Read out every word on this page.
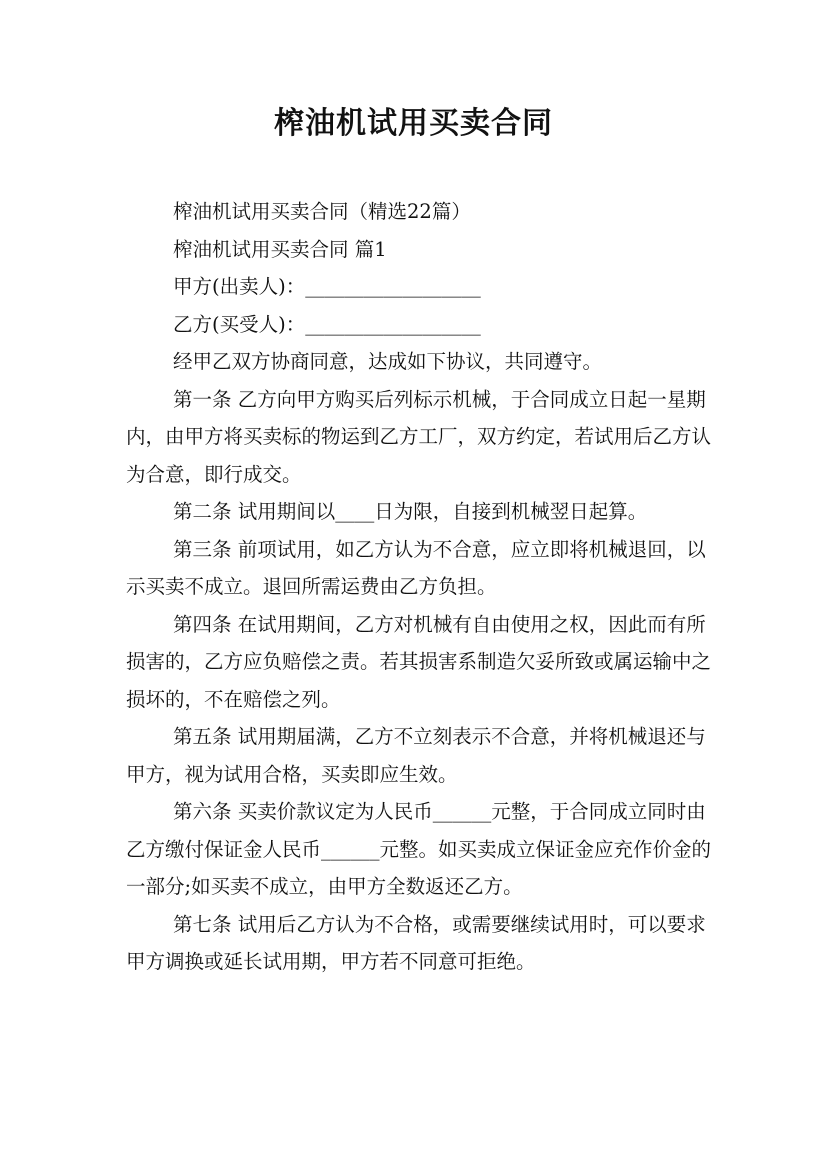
榨油机试用买卖合同

榨油机试用买卖合同（精选22篇）

榨油机试用买卖合同 篇1

甲方(出卖人)：__________________

乙方(买受人)：__________________

经甲乙双方协商同意，达成如下协议，共同遵守。

第一条 乙方向甲方购买后列标示机械，于合同成立日起一星期内，由甲方将买卖标的物运到乙方工厂，双方约定，若试用后乙方认为合意，即行成交。

第二条 试用期间以____日为限，自接到机械翌日起算。

第三条 前项试用，如乙方认为不合意，应立即将机械退回，以示买卖不成立。退回所需运费由乙方负担。

第四条 在试用期间，乙方对机械有自由使用之权，因此而有所损害的，乙方应负赔偿之责。若其损害系制造欠妥所致或属运输中之损坏的，不在赔偿之列。

第五条 试用期届满，乙方不立刻表示不合意，并将机械退还与甲方，视为试用合格，买卖即应生效。

第六条 买卖价款议定为人民币______元整，于合同成立同时由乙方缴付保证金人民币______元整。如买卖成立保证金应充作价金的一部分;如买卖不成立，由甲方全数返还乙方。

第七条 试用后乙方认为不合格，或需要继续试用时，可以要求甲方调换或延长试用期，甲方若不同意可拒绝。
